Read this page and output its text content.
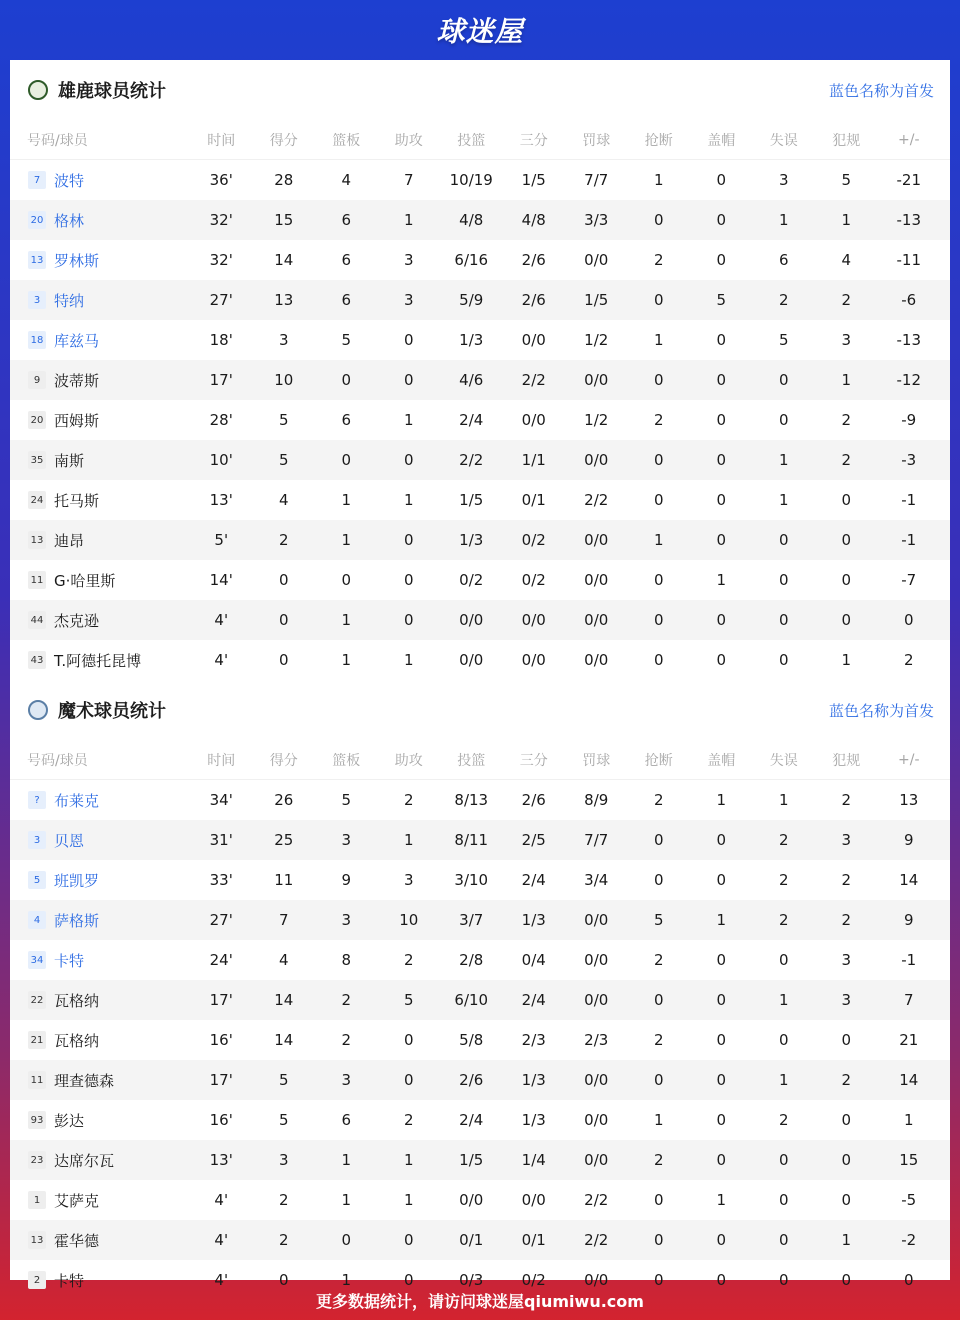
球迷屋
雄鹿球员统计	蓝色名称为首发
号码/球员	时间	得分	篮板	助攻	投篮	三分	罚球	抢断	盖帽	失误	犯规	+/-
7 波特	36'	28	4	7	10/19	1/5	7/7	1	0	3	5	-21
20 格林	32'	15	6	1	4/8	4/8	3/3	0	0	1	1	-13
13 罗林斯	32'	14	6	3	6/16	2/6	0/0	2	0	6	4	-11
3 特纳	27'	13	6	3	5/9	2/6	1/5	0	5	2	2	-6
18 库兹马	18'	3	5	0	1/3	0/0	1/2	1	0	5	3	-13
9 波蒂斯	17'	10	0	0	4/6	2/2	0/0	0	0	0	1	-12
20 西姆斯	28'	5	6	1	2/4	0/0	1/2	2	0	0	2	-9
35 南斯	10'	5	0	0	2/2	1/1	0/0	0	0	1	2	-3
24 托马斯	13'	4	1	1	1/5	0/1	2/2	0	0	1	0	-1
13 迪昂	5'	2	1	0	1/3	0/2	0/0	1	0	0	0	-1
11 G·哈里斯	14'	0	0	0	0/2	0/2	0/0	0	1	0	0	-7
44 杰克逊	4'	0	1	0	0/0	0/0	0/0	0	0	0	0	0
43 T.阿德托昆博	4'	0	1	1	0/0	0/0	0/0	0	0	0	1	2
魔术球员统计	蓝色名称为首发
号码/球员	时间	得分	篮板	助攻	投篮	三分	罚球	抢断	盖帽	失误	犯规	+/-
? 布莱克	34'	26	5	2	8/13	2/6	8/9	2	1	1	2	13
3 贝恩	31'	25	3	1	8/11	2/5	7/7	0	0	2	3	9
5 班凯罗	33'	11	9	3	3/10	2/4	3/4	0	0	2	2	14
4 萨格斯	27'	7	3	10	3/7	1/3	0/0	5	1	2	2	9
34 卡特	24'	4	8	2	2/8	0/4	0/0	2	0	0	3	-1
22 瓦格纳	17'	14	2	5	6/10	2/4	0/0	0	0	1	3	7
21 瓦格纳	16'	14	2	0	5/8	2/3	2/3	2	0	0	0	21
11 理查德森	17'	5	3	0	2/6	1/3	0/0	0	0	1	2	14
93 彭达	16'	5	6	2	2/4	1/3	0/0	1	0	2	0	1
23 达席尔瓦	13'	3	1	1	1/5	1/4	0/0	2	0	0	0	15
1 艾萨克	4'	2	1	1	0/0	0/0	2/2	0	1	0	0	-5
13 霍华德	4'	2	0	0	0/1	0/1	2/2	0	0	0	1	-2
2 卡特	4'	0	1	0	0/3	0/2	0/0	0	0	0	0	0
更多数据统计，请访问球迷屋qiumiwu.com
